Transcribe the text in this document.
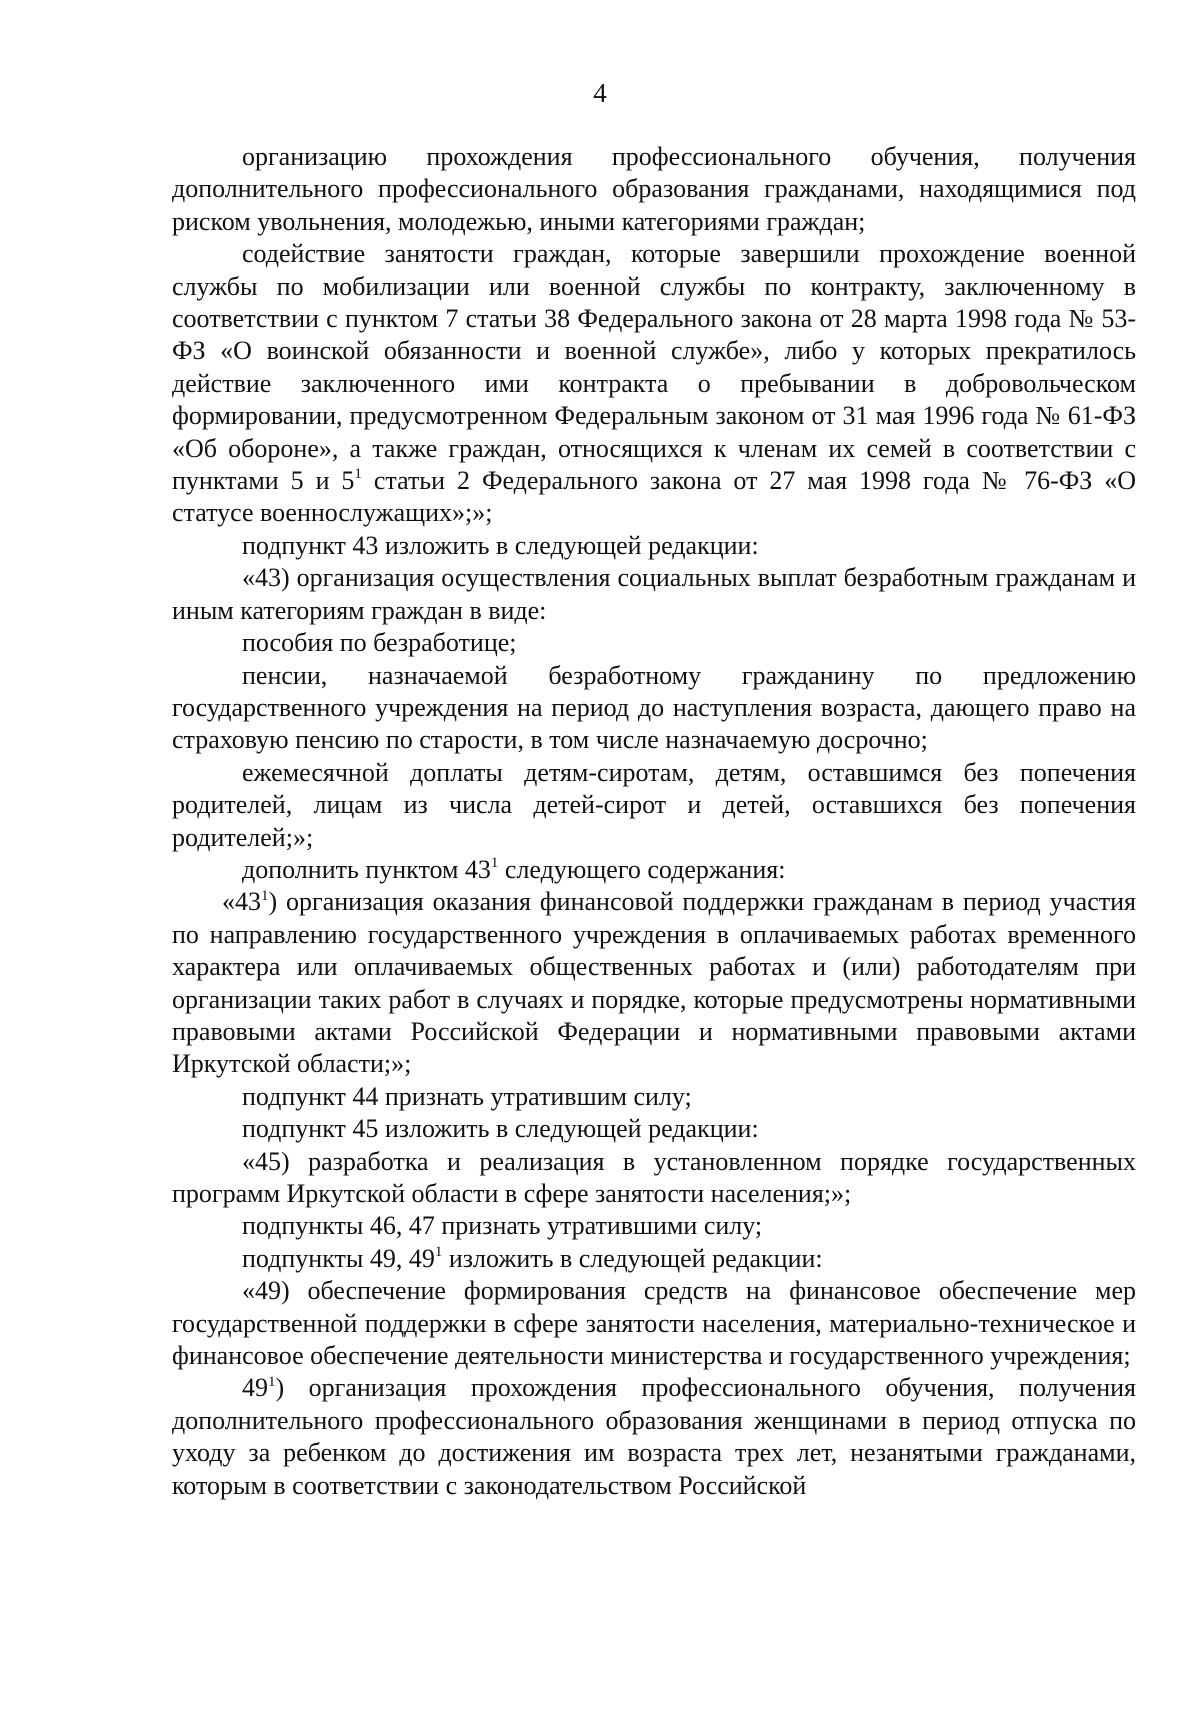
4

организацию прохождения профессионального обучения, получения дополнительного профессионального образования гражданами, находящимися под риском увольнения, молодежью, иными категориями граждан;

содействие занятости граждан, которые завершили прохождение военной службы по мобилизации или военной службы по контракту, заключенному в соответствии с пунктом 7 статьи 38 Федерального закона от 28 марта 1998 года № 53-ФЗ «О воинской обязанности и военной службе», либо у которых прекратилось действие заключенного ими контракта о пребывании в добровольческом формировании, предусмотренном Федеральным законом от 31 мая 1996 года № 61-ФЗ «Об обороне», а также граждан, относящихся к членам их семей в соответствии с пунктами 5 и $5^1$ статьи 2 Федерального закона от 27 мая 1998 года № 76-ФЗ «О статусе военнослужащих»;»;

подпункт 43 изложить в следующей редакции:

«43) организация осуществления социальных выплат безработным гражданам и иным категориям граждан в виде:

пособия по безработице;

пенсии, назначаемой безработному гражданину по предложению государственного учреждения на период до наступления возраста, дающего право на страховую пенсию по старости, в том числе назначаемую досрочно;

ежемесячной доплаты детям-сиротам, детям, оставшимся без попечения родителей, лицам из числа детей-сирот и детей, оставшихся без попечения родителей;»;

дополнить пунктом $43^1$ следующего содержания:

«$43^1$) организация оказания финансовой поддержки гражданам в период участия по направлению государственного учреждения в оплачиваемых работах временного характера или оплачиваемых общественных работах и (или) работодателям при организации таких работ в случаях и порядке, которые предусмотрены нормативными правовыми актами Российской Федерации и нормативными правовыми актами Иркутской области;»;

подпункт 44 признать утратившим силу;

подпункт 45 изложить в следующей редакции:

«45) разработка и реализация в установленном порядке государственных программ Иркутской области в сфере занятости населения;»;

подпункты 46, 47 признать утратившими силу;

подпункты 49, $49^1$ изложить в следующей редакции:

«49) обеспечение формирования средств на финансовое обеспечение мер государственной поддержки в сфере занятости населения, материально-техническое и финансовое обеспечение деятельности министерства и государственного учреждения;

$49^1$) организация прохождения профессионального обучения, получения дополнительного профессионального образования женщинами в период отпуска по уходу за ребенком до достижения им возраста трех лет, незанятыми гражданами, которым в соответствии с законодательством Российской
